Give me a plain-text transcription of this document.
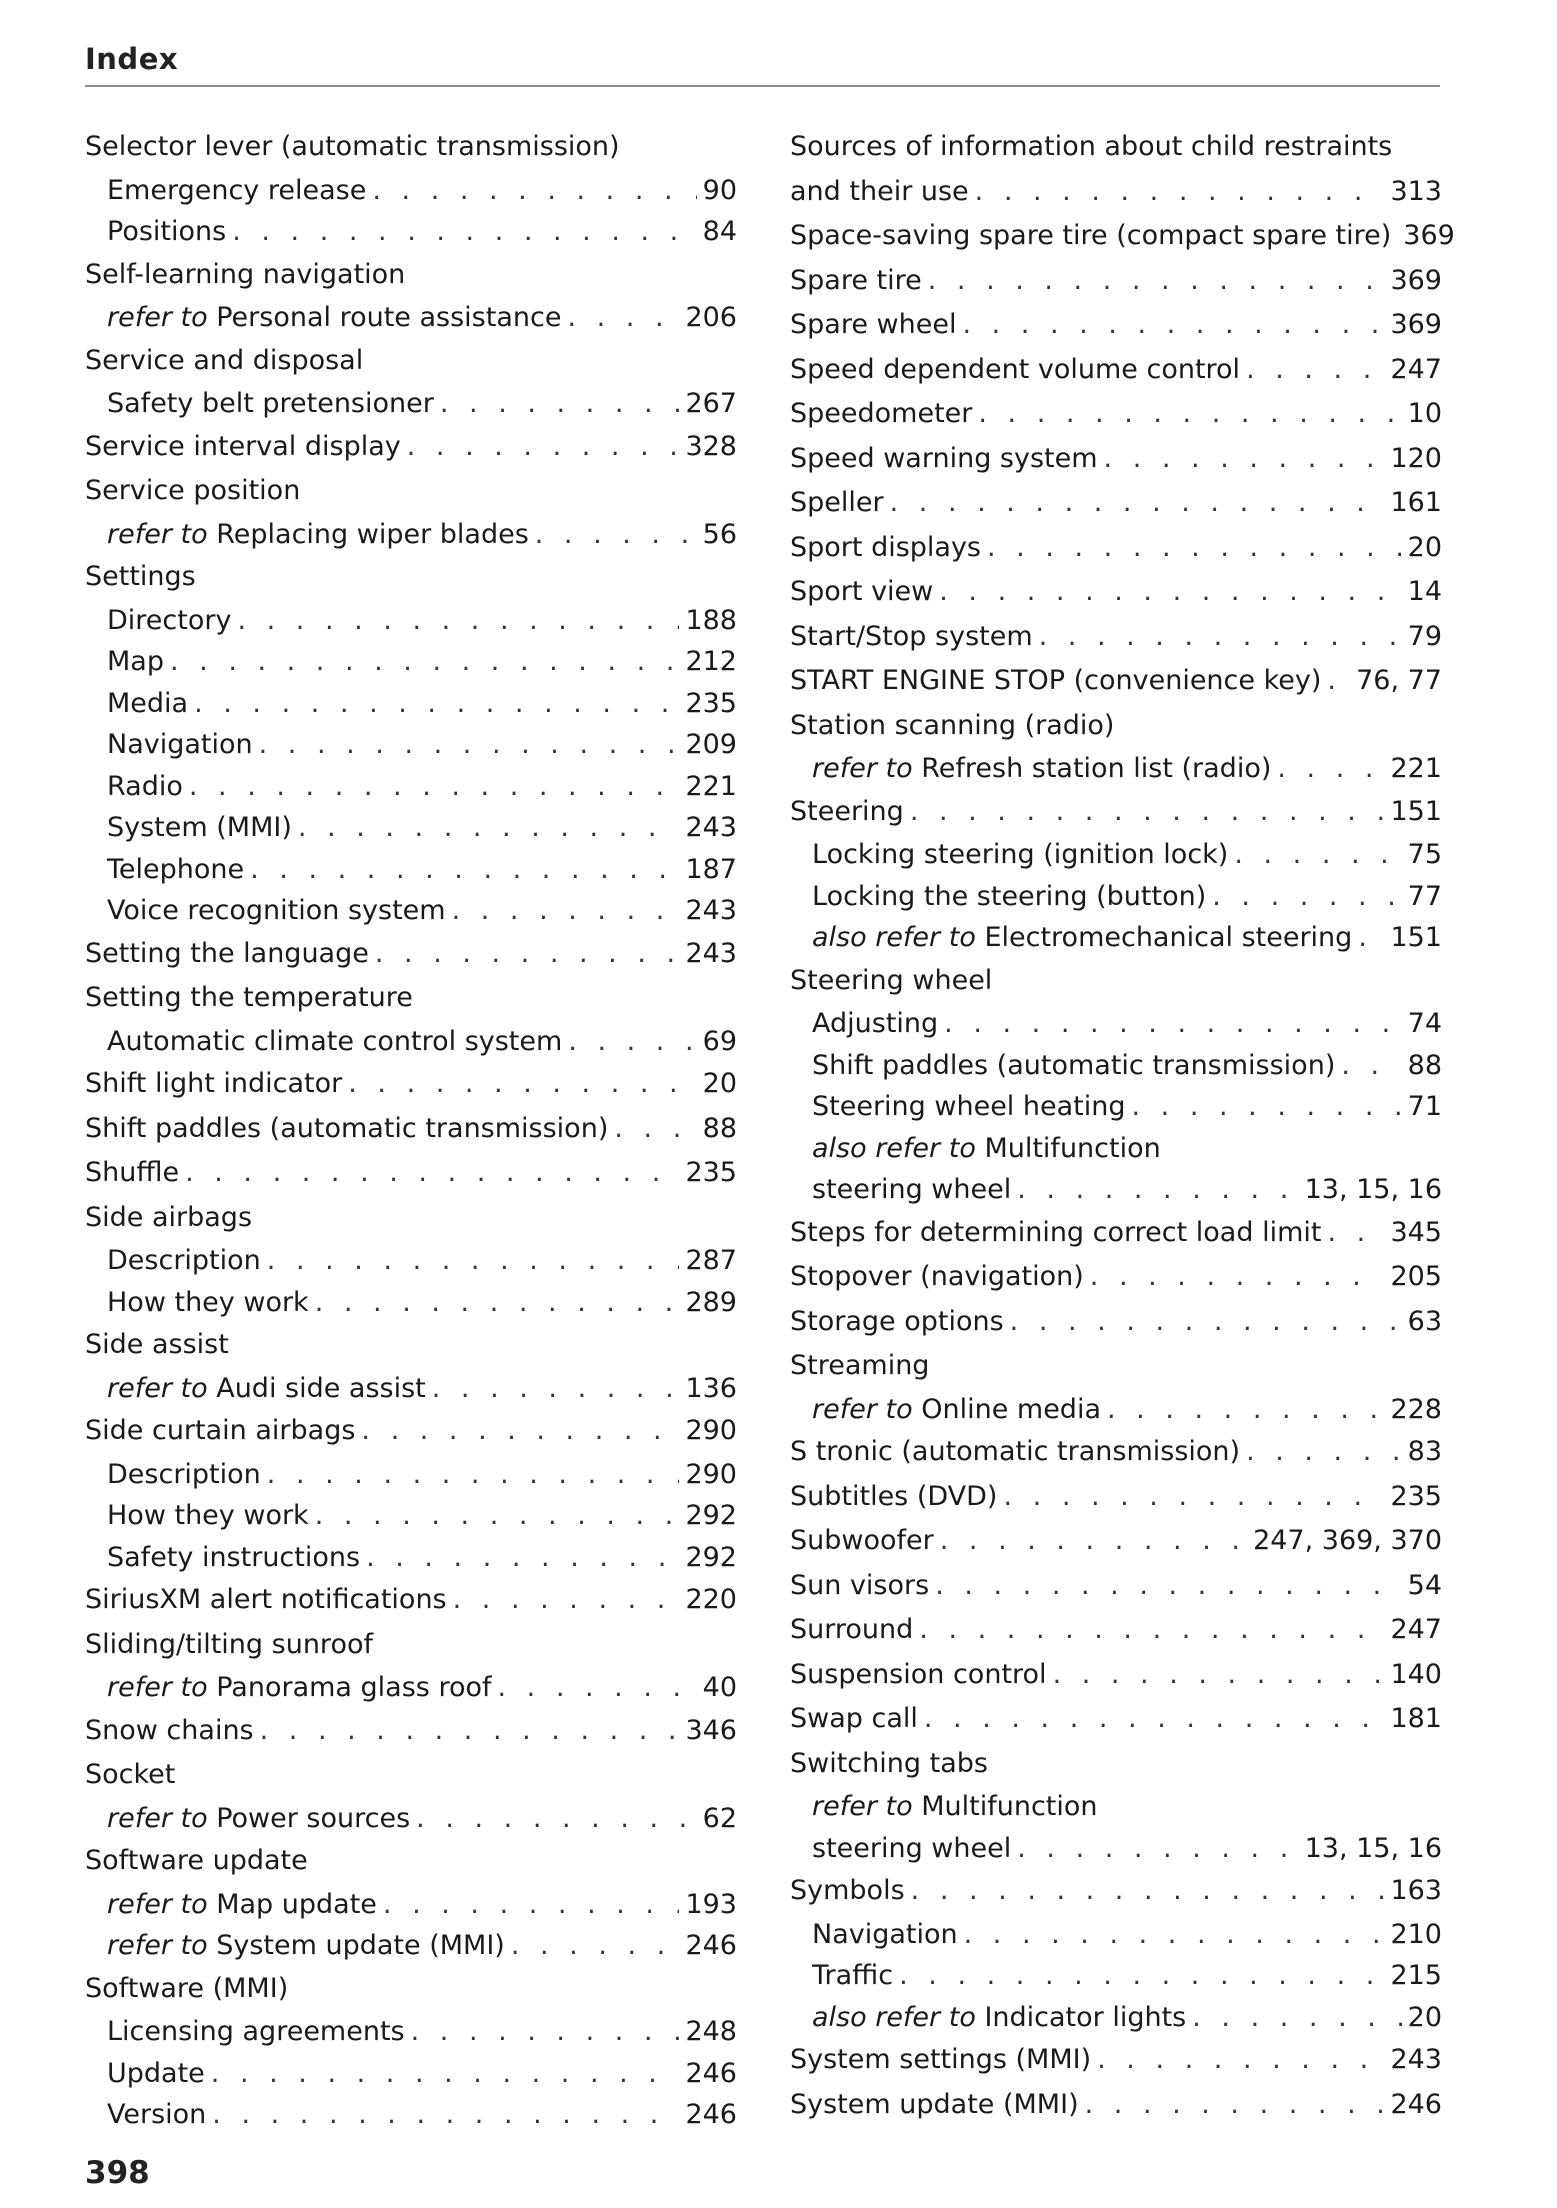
Index
Selector lever (automatic transmission)
Emergency release . . .	90
Positions . . .	84
Self-learning navigation
refer to Personal route assistance . . .	206
Service and disposal
Safety belt pretensioner . . .	267
Service interval display . . .	328
Service position
refer to Replacing wiper blades . . .	56
Settings
Directory . . .	188
Map . . .	212
Media . . .	235
Navigation . . .	209
Radio . . .	221
System (MMI) . . .	243
Telephone . . .	187
Voice recognition system . . .	243
Setting the language . . .	243
Setting the temperature
Automatic climate control system . . .	69
Shift light indicator . . .	20
Shift paddles (automatic transmission) . . .	88
Shuffle . . .	235
Side airbags
Description . . .	287
How they work . . .	289
Side assist
refer to Audi side assist . . .	136
Side curtain airbags . . .	290
Description . . .	290
How they work . . .	292
Safety instructions . . .	292
SiriusXM alert notifications . . .	220
Sliding/tilting sunroof
refer to Panorama glass roof . . .	40
Snow chains . . .	346
Socket
refer to Power sources . . .	62
Software update
refer to Map update . . .	193
refer to System update (MMI) . . .	246
Software (MMI)
Licensing agreements . . .	248
Update . . .	246
Version . . .	246
Sources of information about child restraints
and their use . . .	313
Space-saving spare tire (compact spare tire) 369
Spare tire . . .	369
Spare wheel . . .	369
Speed dependent volume control . . .	247
Speedometer . . .	10
Speed warning system . . .	120
Speller . . .	161
Sport displays . . .	20
Sport view . . .	14
Start/Stop system . . .	79
START ENGINE STOP (convenience key) . . . 76, 77
Station scanning (radio)
refer to Refresh station list (radio) . . .	221
Steering . . .	151
Locking steering (ignition lock) . . .	75
Locking the steering (button) . . .	77
also refer to Electromechanical steering . . . 151
Steering wheel
Adjusting . . .	74
Shift paddles (automatic transmission) . . .	88
Steering wheel heating . . .	71
also refer to Multifunction
steering wheel . . .	13, 15, 16
Steps for determining correct load limit . . .	345
Stopover (navigation) . . .	205
Storage options . . .	63
Streaming
refer to Online media . . .	228
S tronic (automatic transmission) . . .	83
Subtitles (DVD) . . .	235
Subwoofer . . .	247, 369, 370
Sun visors . . .	54
Surround . . .	247
Suspension control . . .	140
Swap call . . .	181
Switching tabs
refer to Multifunction
steering wheel . . .	13, 15, 16
Symbols . . .	163
Navigation . . .	210
Traffic . . .	215
also refer to Indicator lights . . .	20
System settings (MMI) . . .	243
System update (MMI) . . .	246
398
